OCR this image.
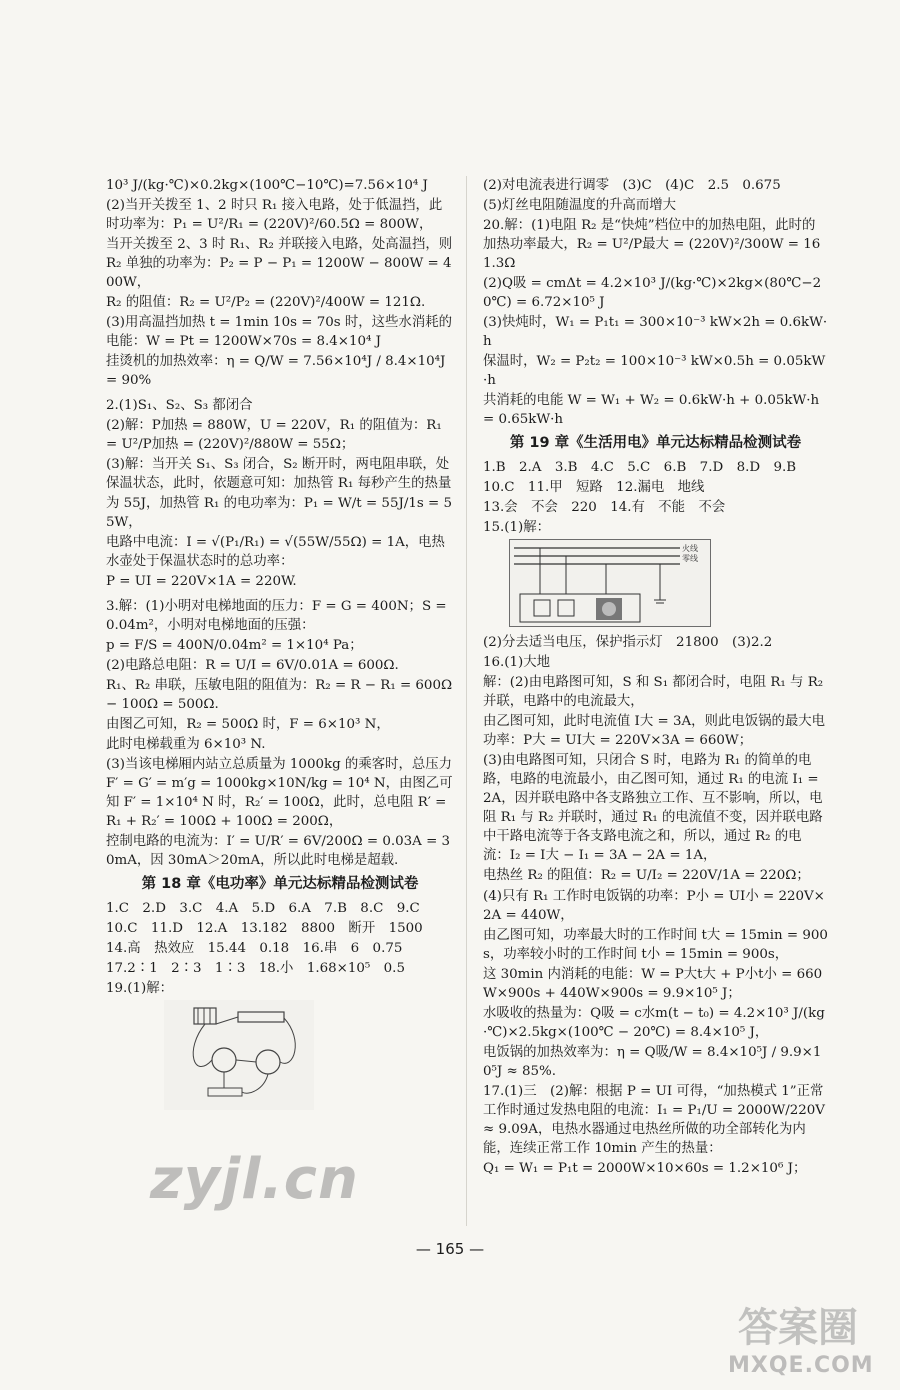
10³ J/(kg·℃)×0.2kg×(100℃−10℃)=7.56×10⁴ J
(2)当开关拨至 1、2 时只 R₁ 接入电路，处于低温挡，此时功率为：P₁ = U²/R₁ = (220V)²/60.5Ω = 800W，
当开关拨至 2、3 时 R₁、R₂ 并联接入电路，处高温挡，则 R₂ 单独的功率为：P₂ = P − P₁ = 1200W − 800W = 400W，
R₂ 的阻值：R₂ = U²/P₂ = (220V)²/400W = 121Ω.
(3)用高温挡加热 t = 1min 10s = 70s 时，这些水消耗的电能：W = Pt = 1200W×70s = 8.4×10⁴ J
挂烫机的加热效率：η = Q/W = 7.56×10⁴J / 8.4×10⁴J = 90%
2.(1)S₁、S₂、S₃ 都闭合
(2)解：P加热 = 880W，U = 220V，R₁ 的阻值为：R₁ = U²/P加热 = (220V)²/880W = 55Ω；
(3)解：当开关 S₁、S₃ 闭合，S₂ 断开时，两电阻串联，处保温状态，此时，依题意可知：加热管 R₁ 每秒产生的热量为 55J，加热管 R₁ 的电功率为：P₁ = W/t = 55J/1s = 55W，
电路中电流：I = √(P₁/R₁) = √(55W/55Ω) = 1A，电热水壶处于保温状态时的总功率：
P = UI = 220V×1A = 220W.
3.解：(1)小明对电梯地面的压力：F = G = 400N；S = 0.04m²，小明对电梯地面的压强：
p = F/S = 400N/0.04m² = 1×10⁴ Pa；
(2)电路总电阻：R = U/I = 6V/0.01A = 600Ω.
R₁、R₂ 串联，压敏电阻的阻值为：R₂ = R − R₁ = 600Ω − 100Ω = 500Ω.
由图乙可知，R₂ = 500Ω 时，F = 6×10³ N，
此时电梯载重为 6×10³ N.
(3)当该电梯厢内站立总质量为 1000kg 的乘客时，总压力 F′ = G′ = m′g = 1000kg×10N/kg = 10⁴ N，由图乙可知 F′ = 1×10⁴ N 时，R₂′ = 100Ω，此时，总电阻 R′ = R₁ + R₂′ = 100Ω + 100Ω = 200Ω，
控制电路的电流为：I′ = U/R′ = 6V/200Ω = 0.03A = 30mA，因 30mA＞20mA，所以此时电梯是超载.
第 18 章《电功率》单元达标精品检测试卷
1.C　2.D　3.C　4.A　5.D　6.A　7.B　8.C　9.C
10.C　11.D　12.A　13.182　8800　断开　1500
14.高　热效应　15.44　0.18　16.串　6　0.75
17.2∶1　2∶3　1∶3　18.小　1.68×10⁵　0.5
19.(1)解：
(2)对电流表进行调零　(3)C　(4)C　2.5　0.675
(5)灯丝电阻随温度的升高而增大
20.解：(1)电阻 R₂ 是“快炖”档位中的加热电阻，此时的加热功率最大，R₂ = U²/P最大 = (220V)²/300W = 161.3Ω
(2)Q吸 = cmΔt = 4.2×10³ J/(kg·℃)×2kg×(80℃−20℃) = 6.72×10⁵ J
(3)快炖时，W₁ = P₁t₁ = 300×10⁻³ kW×2h = 0.6kW·h
保温时，W₂ = P₂t₂ = 100×10⁻³ kW×0.5h = 0.05kW·h
共消耗的电能 W = W₁ + W₂ = 0.6kW·h + 0.05kW·h = 0.65kW·h
第 19 章《生活用电》单元达标精品检测试卷
1.B　2.A　3.B　4.C　5.C　6.B　7.D　8.D　9.B
10.C　11.甲　短路　12.漏电　地线
13.会　不会　220　14.有　不能　不会
15.(1)解：
火线
零线
(2)分去适当电压，保护指示灯　21800　(3)2.2
16.(1)大地
解：(2)由电路图可知，S 和 S₁ 都闭合时，电阻 R₁ 与 R₂ 并联，电路中的电流最大，
由乙图可知，此时电流值 I大 = 3A，则此电饭锅的最大电功率：P大 = UI大 = 220V×3A = 660W；
(3)由电路图可知，只闭合 S 时，电路为 R₁ 的简单的电路，电路的电流最小，由乙图可知，通过 R₁ 的电流 I₁ = 2A，因并联电路中各支路独立工作、互不影响，所以，电阻 R₁ 与 R₂ 并联时，通过 R₁ 的电流值不变，因并联电路中干路电流等于各支路电流之和，所以，通过 R₂ 的电流：I₂ = I大 − I₁ = 3A − 2A = 1A，
电热丝 R₂ 的阻值：R₂ = U/I₂ = 220V/1A = 220Ω；
(4)只有 R₁ 工作时电饭锅的功率：P小 = UI小 = 220V×2A = 440W，
由乙图可知，功率最大时的工作时间 t大 = 15min = 900s，功率较小时的工作时间 t小 = 15min = 900s，
这 30min 内消耗的电能：W = P大t大 + P小t小 = 660W×900s + 440W×900s = 9.9×10⁵ J；
水吸收的热量为：Q吸 = c水m(t − t₀) = 4.2×10³ J/(kg·℃)×2.5kg×(100℃ − 20℃) = 8.4×10⁵ J，
电饭锅的加热效率为：η = Q吸/W = 8.4×10⁵J / 9.9×10⁵J ≈ 85%.
17.(1)三　(2)解：根据 P = UI 可得，“加热模式 1”正常工作时通过发热电阻的电流：I₁ = P₁/U = 2000W/220V ≈ 9.09A，电热水器通过电热丝所做的功全部转化为内能，连续正常工作 10min 产生的热量：
Q₁ = W₁ = P₁t = 2000W×10×60s = 1.2×10⁶ J；
— 165 —
zyjl.cn
答案圈
MXQE.COM
